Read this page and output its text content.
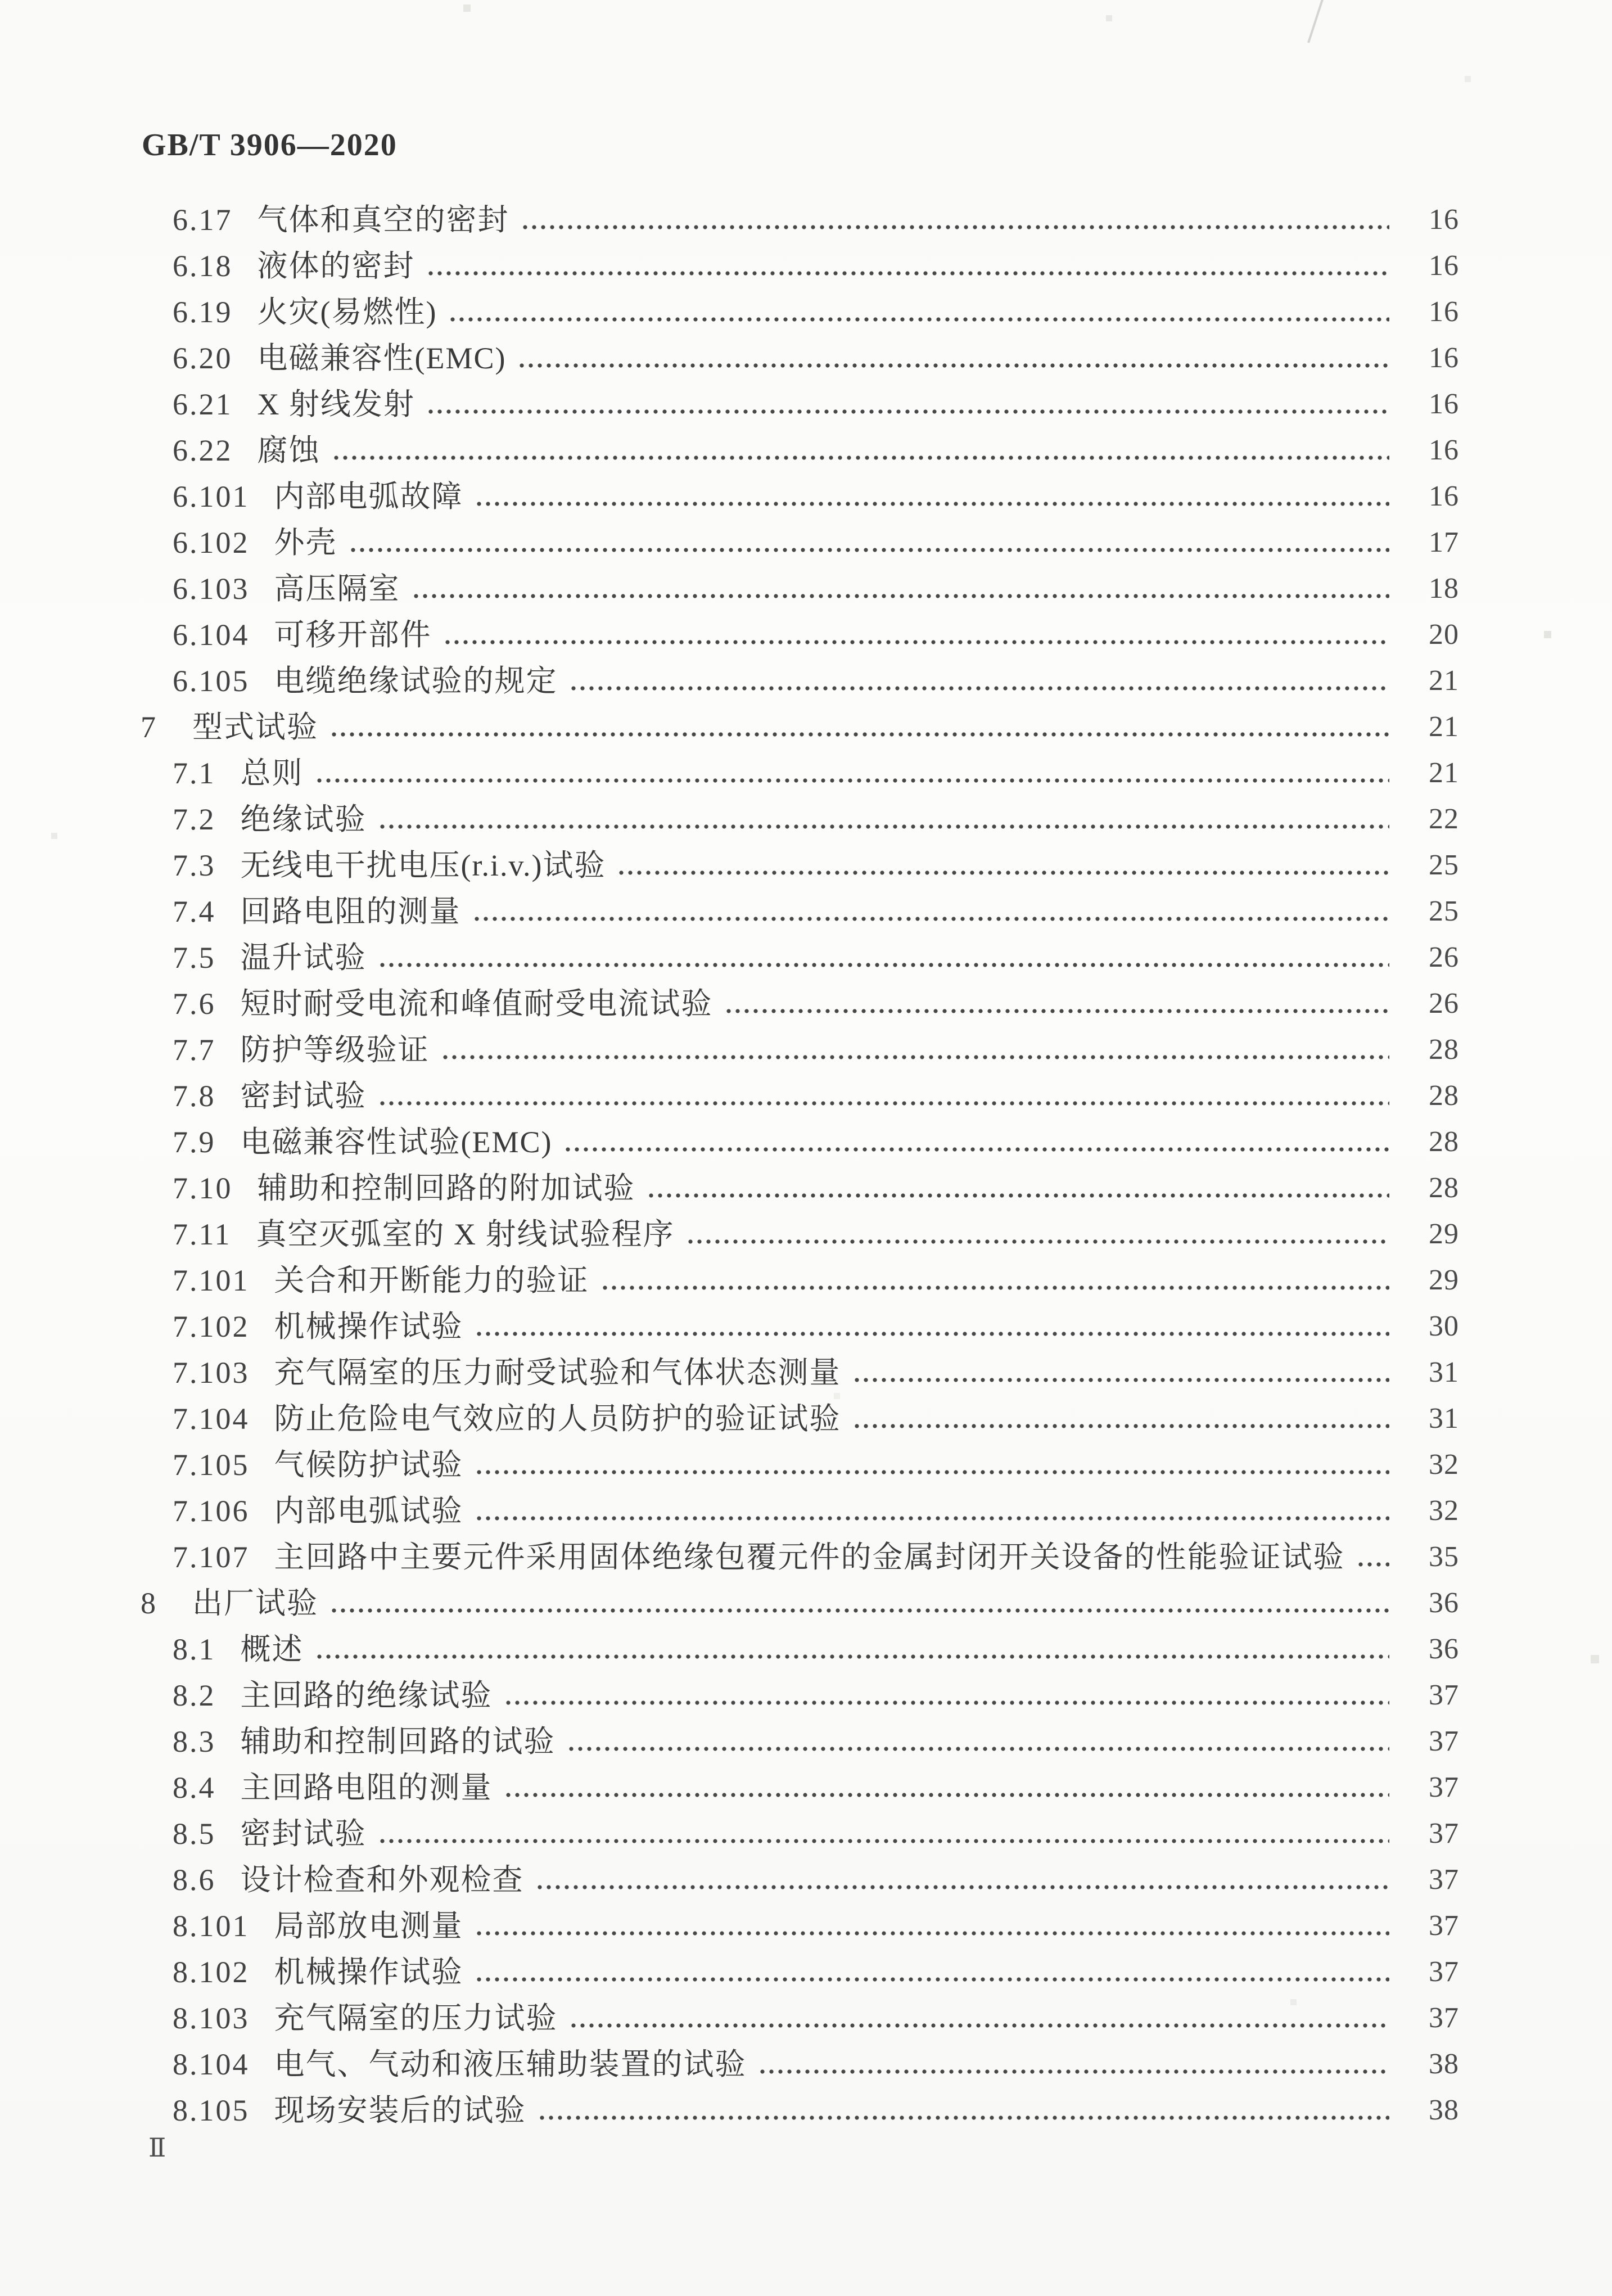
GB/T 3906—2020
6.17 气体和真空的密封	16
6.18 液体的密封	16
6.19 火灾(易燃性)	16
6.20 电磁兼容性(EMC)	16
6.21 X 射线发射	16
6.22 腐蚀	16
6.101 内部电弧故障	16
6.102 外壳	17
6.103 高压隔室	18
6.104 可移开部件	20
6.105 电缆绝缘试验的规定	21
7 型式试验	21
7.1 总则	21
7.2 绝缘试验	22
7.3 无线电干扰电压(r.i.v.)试验	25
7.4 回路电阻的测量	25
7.5 温升试验	26
7.6 短时耐受电流和峰值耐受电流试验	26
7.7 防护等级验证	28
7.8 密封试验	28
7.9 电磁兼容性试验(EMC)	28
7.10 辅助和控制回路的附加试验	28
7.11 真空灭弧室的 X 射线试验程序	29
7.101 关合和开断能力的验证	29
7.102 机械操作试验	30
7.103 充气隔室的压力耐受试验和气体状态测量	31
7.104 防止危险电气效应的人员防护的验证试验	31
7.105 气候防护试验	32
7.106 内部电弧试验	32
7.107 主回路中主要元件采用固体绝缘包覆元件的金属封闭开关设备的性能验证试验	35
8 出厂试验	36
8.1 概述	36
8.2 主回路的绝缘试验	37
8.3 辅助和控制回路的试验	37
8.4 主回路电阻的测量	37
8.5 密封试验	37
8.6 设计检查和外观检查	37
8.101 局部放电测量	37
8.102 机械操作试验	37
8.103 充气隔室的压力试验	37
8.104 电气、气动和液压辅助装置的试验	38
8.105 现场安装后的试验	38
Ⅱ
